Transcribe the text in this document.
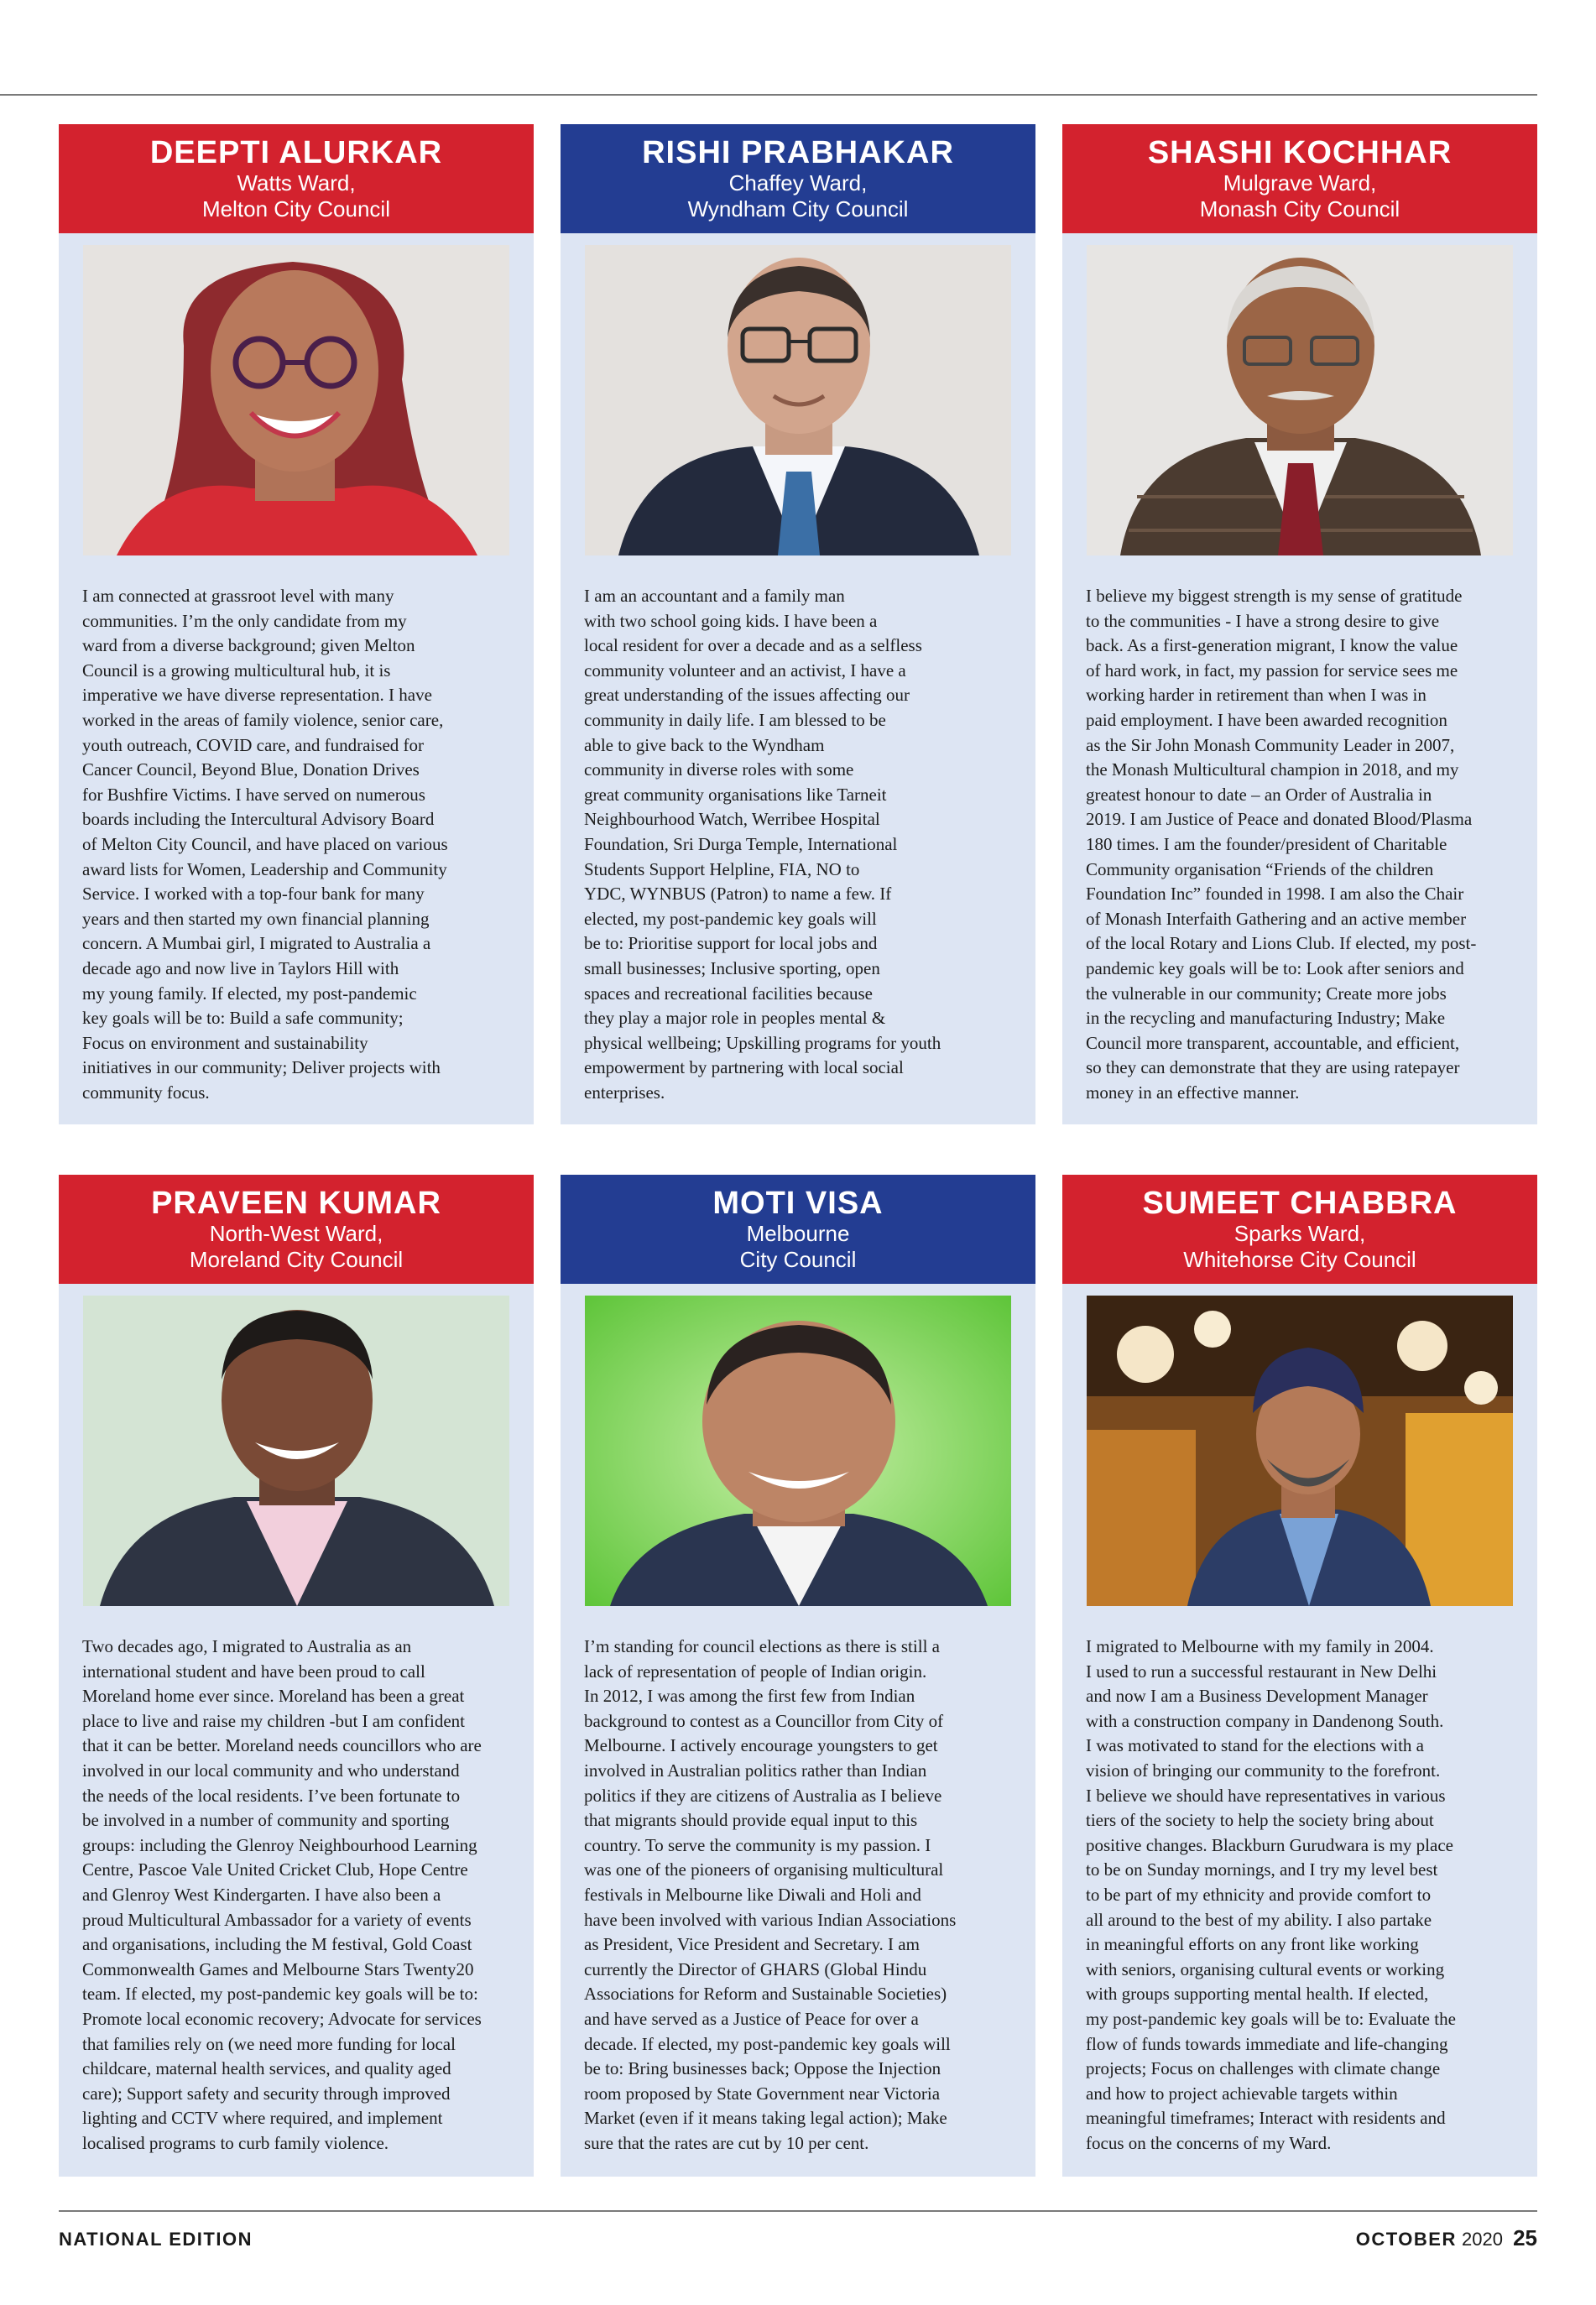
DEEPTI ALURKAR
Watts Ward,
Melton City Council
I am connected at grassroot level with many
communities. I’m the only candidate from my
ward from a diverse background; given Melton
Council is a growing multicultural hub, it is
imperative we have diverse representation. I have
worked in the areas of family violence, senior care,
youth outreach, COVID care, and fundraised for
Cancer Council, Beyond Blue, Donation Drives
for Bushfire Victims. I have served on numerous
boards including the Intercultural Advisory Board
of Melton City Council, and have placed on various
award lists for Women, Leadership and Community
Service. I worked with a top-four bank for many
years and then started my own financial planning
concern. A Mumbai girl, I migrated to Australia a
decade ago and now live in Taylors Hill with
my young family. If elected, my post-pandemic
key goals will be to: Build a safe community;
Focus on environment and sustainability
initiatives in our community; Deliver projects with
community focus.
RISHI PRABHAKAR
Chaffey Ward,
Wyndham City Council
I am an accountant and a family man
with two school going kids. I have been a
local resident for over a decade and as a selfless
community volunteer and an activist, I have a
great understanding of the issues affecting our
community in daily life. I am blessed to be
able to give back to the Wyndham
community in diverse roles with some
great community organisations like Tarneit
Neighbourhood Watch, Werribee Hospital
Foundation, Sri Durga Temple, International
Students Support Helpline, FIA, NO to
YDC, WYNBUS (Patron) to name a few. If
elected, my post-pandemic key goals will
be to: Prioritise support for local jobs and
small businesses; Inclusive sporting, open
spaces and recreational facilities because
they play a major role in peoples mental &
physical wellbeing; Upskilling programs for youth
empowerment by partnering with local social
enterprises.
SHASHI KOCHHAR
Mulgrave Ward,
Monash City Council
I believe my biggest strength is my sense of gratitude
to the communities - I have a strong desire to give
back. As a first-generation migrant, I know the value
of hard work, in fact, my passion for service sees me
working harder in retirement than when I was in
paid employment. I have been awarded recognition
as the Sir John Monash Community Leader in 2007,
the Monash Multicultural champion in 2018, and my
greatest honour to date – an Order of Australia in
2019. I am Justice of Peace and donated Blood/Plasma
180 times. I am the founder/president of Charitable
Community organisation “Friends of the children
Foundation Inc” founded in 1998. I am also the Chair
of Monash Interfaith Gathering and an active member
of the local Rotary and Lions Club. If elected, my post-
pandemic key goals will be to: Look after seniors and
the vulnerable in our community; Create more jobs
in the recycling and manufacturing Industry; Make
Council more transparent, accountable, and efficient,
so they can demonstrate that they are using ratepayer
money in an effective manner.
PRAVEEN KUMAR
North-West Ward,
Moreland City Council
Two decades ago, I migrated to Australia as an
international student and have been proud to call
Moreland home ever since. Moreland has been a great
place to live and raise my children -but I am confident
that it can be better. Moreland needs councillors who are
involved in our local community and who understand
the needs of the local residents. I’ve been fortunate to
be involved in a number of community and sporting
groups: including the Glenroy Neighbourhood Learning
Centre, Pascoe Vale United Cricket Club, Hope Centre
and Glenroy West Kindergarten. I have also been a
proud Multicultural Ambassador for a variety of events
and organisations, including the M festival, Gold Coast
Commonwealth Games and Melbourne Stars Twenty20
team. If elected, my post-pandemic key goals will be to:
Promote local economic recovery; Advocate for services
that families rely on (we need more funding for local
childcare, maternal health services, and quality aged
care); Support safety and security through improved
lighting and CCTV where required, and implement
localised programs to curb family violence.
MOTI VISA
Melbourne
City Council
I’m standing for council elections as there is still a
lack of representation of people of Indian origin.
In 2012, I was among the first few from Indian
background to contest as a Councillor from City of
Melbourne. I actively encourage youngsters to get
involved in Australian politics rather than Indian
politics if they are citizens of Australia as I believe
that migrants should provide equal input to this
country. To serve the community is my passion. I
was one of the pioneers of organising multicultural
festivals in Melbourne like Diwali and Holi and
have been involved with various Indian Associations
as President, Vice President and Secretary. I am
currently the Director of GHARS (Global Hindu
Associations for Reform and Sustainable Societies)
and have served as a Justice of Peace for over a
decade. If elected, my post-pandemic key goals will
be to: Bring businesses back; Oppose the Injection
room proposed by State Government near Victoria
Market (even if it means taking legal action); Make
sure that the rates are cut by 10 per cent.
SUMEET CHABBRA
Sparks Ward,
Whitehorse City Council
I migrated to Melbourne with my family in 2004.
I used to run a successful restaurant in New Delhi
and now I am a Business Development Manager
with a construction company in Dandenong South.
I was motivated to stand for the elections with a
vision of bringing our community to the forefront.
I believe we should have representatives in various
tiers of the society to help the society bring about
positive changes. Blackburn Gurudwara is my place
to be on Sunday mornings, and I try my level best
to be part of my ethnicity and provide comfort to
all around to the best of my ability. I also partake
in meaningful efforts on any front like working
with seniors, organising cultural events or working
with groups supporting mental health. If elected,
my post-pandemic key goals will be to: Evaluate the
flow of funds towards immediate and life-changing
projects; Focus on challenges with climate change
and how to project achievable targets within
meaningful timeframes; Interact with residents and
focus on the concerns of my Ward.
NATIONAL EDITION	OCTOBER 2020 25
